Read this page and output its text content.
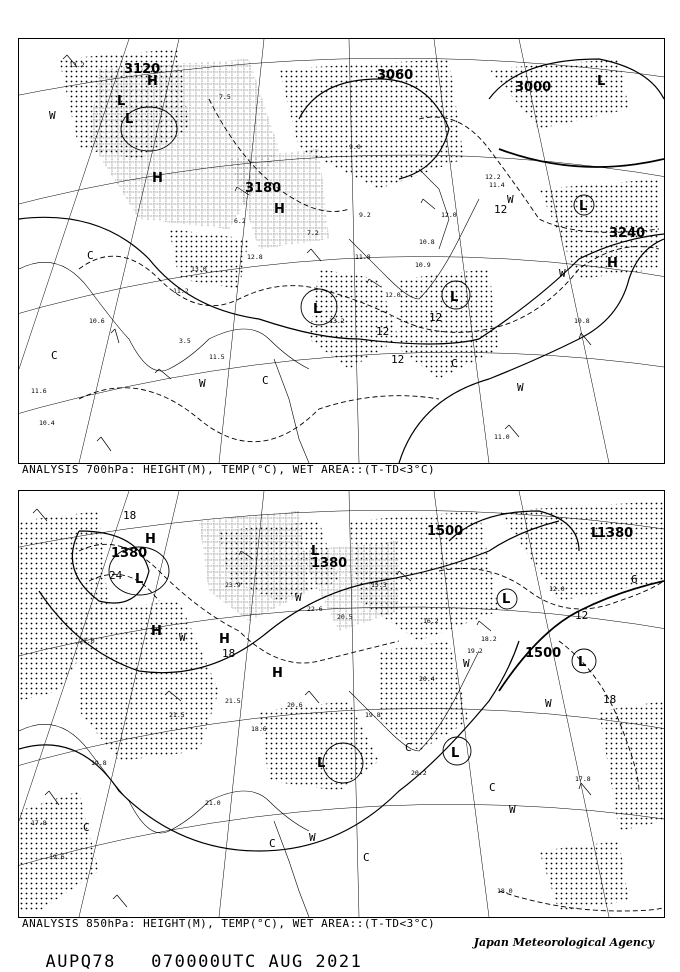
3120	3060
3000
3180
3240
12
12
12
12
H
L
H
L
H
L
L
L
L
H
W
W
W
W
W
C
C
C
C
13.2
7.5
12.2
10.8
11.0
10.8
12.0
11.6
10.4
9.0
6.2
7.2
12.8
11.5
13.0
9.2
11.8
13.2
10.6
11.2	12.0
10.9
11.4
3.5
ANALYSIS 700hPa: HEIGHT(M), TEMP(°C), WET AREA::(T-TD<3°C)
1500
1380
1380
1500
1380
18
24
12
18
18
6
H
L
H
H
L
L
L
L
L
H
L
W
W
W
W
W
W
C
C
C
C
C
21.0
19.8
23.9
21.5
20.4
17.8
18.0
19.2
20.6
22.6
17.8
15.3
19.8
20.5
12.0
16.2
21.5
19.6
18.2
21.0
20.2
18.6
ANALYSIS 850hPa: HEIGHT(M), TEMP(°C), WET AREA::(T-TD<3°C)

AUPQ78 070000UTC AUG 2021

Japan Meteorological Agency
